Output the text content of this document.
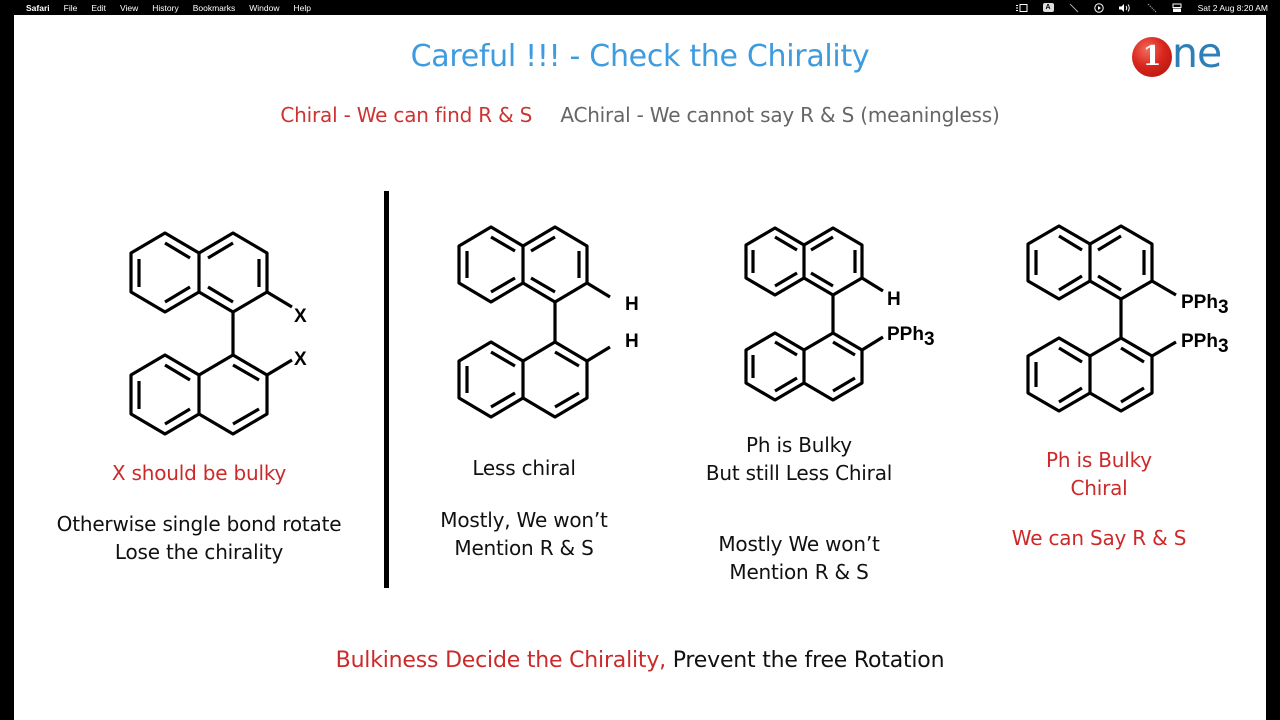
Safari File Edit View History Bookmarks Window Help	A	Sat 2 Aug 8:20 AM
Careful !!! - Check the Chirality	1 ne
Chiral - We can find R & S AChiral - We cannot say R & S (meaningless)
X
X
H
H
H
PPh3
PPh3
PPh3
X should be bulky
Otherwise single bond rotate
Lose the chirality
Less chiral
Mostly, We won’t
Mention R & S
Ph is Bulky
But still Less Chiral
Mostly We won’t
Mention R & S
Ph is Bulky
Chiral
We can Say R & S
Bulkiness Decide the Chirality, Prevent the free Rotation
